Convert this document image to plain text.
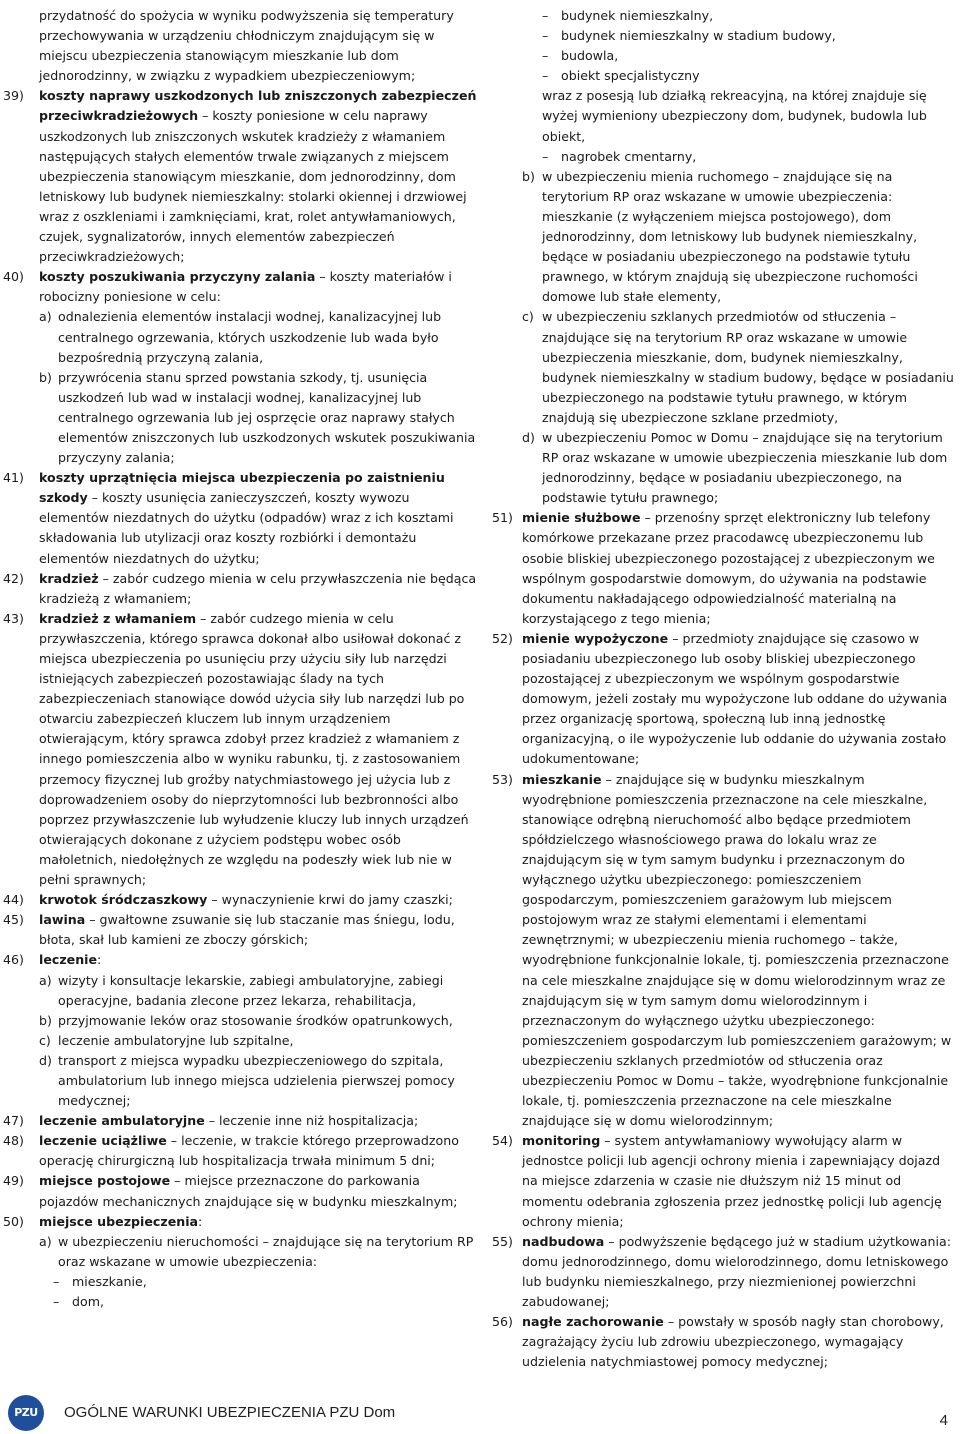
przydatność do spożycia w wyniku podwyższenia się temperatury przechowywania w urządzeniu chłodniczym znajdującym się w miejscu ubezpieczenia stanowiącym mieszkanie lub dom jednorodzinny, w związku z wypadkiem ubezpieczeniowym;

39) koszty naprawy uszkodzonych lub zniszczonych zabezpieczeń przeciwkradzieżowych – koszty poniesione w celu naprawy uszkodzonych lub zniszczonych wskutek kradzieży z włamaniem następujących stałych elementów trwale związanych z miejscem ubezpieczenia stanowiącym mieszkanie, dom jednorodzinny, dom letniskowy lub budynek niemieszkalny: stolarki okiennej i drzwiowej wraz z oszkleniami i zamknięciami, krat, rolet antywłamaniowych, czujek, sygnalizatorów, innych elementów zabezpieczeń przeciwkradzieżowych;

40) koszty poszukiwania przyczyny zalania – koszty materiałów i robocizny poniesione w celu:

a) odnalezienia elementów instalacji wodnej, kanalizacyjnej lub centralnego ogrzewania, których uszkodzenie lub wada było bezpośrednią przyczyną zalania,

b) przywrócenia stanu sprzed powstania szkody, tj. usunięcia uszkodzeń lub wad w instalacji wodnej, kanalizacyjnej lub centralnego ogrzewania lub jej osprzęcie oraz naprawy stałych elementów zniszczonych lub uszkodzonych wskutek poszukiwania przyczyny zalania;

41) koszty uprzątnięcia miejsca ubezpieczenia po zaistnieniu szkody – koszty usunięcia zanieczyszczeń, koszty wywozu elementów niezdatnych do użytku (odpadów) wraz z ich kosztami składowania lub utylizacji oraz koszty rozbiórki i demontażu elementów niezdatnych do użytku;

42) kradzież – zabór cudzego mienia w celu przywłaszczenia nie będąca kradzieżą z włamaniem;

43) kradzież z włamaniem – zabór cudzego mienia w celu przywłaszczenia, którego sprawca dokonał albo usiłował dokonać z miejsca ubezpieczenia po usunięciu przy użyciu siły lub narzędzi istniejących zabezpieczeń pozostawiając ślady na tych zabezpieczeniach stanowiące dowód użycia siły lub narzędzi lub po otwarciu zabezpieczeń kluczem lub innym urządzeniem otwierającym, który sprawca zdobył przez kradzież z włamaniem z innego pomieszczenia albo w wyniku rabunku, tj. z zastosowaniem przemocy fizycznej lub groźby natychmiastowego jej użycia lub z doprowadzeniem osoby do nieprzytomności lub bezbronności albo poprzez przywłaszczenie lub wyłudzenie kluczy lub innych urządzeń otwierających dokonane z użyciem podstępu wobec osób małoletnich, niedołężnych ze względu na podeszły wiek lub nie w pełni sprawnych;

44) krwotok śródczaszkowy – wynaczynienie krwi do jamy czaszki;

45) lawina – gwałtowne zsuwanie się lub staczanie mas śniegu, lodu, błota, skał lub kamieni ze zboczy górskich;

46) leczenie:

a) wizyty i konsultacje lekarskie, zabiegi ambulatoryjne, zabiegi operacyjne, badania zlecone przez lekarza, rehabilitacja,

b) przyjmowanie leków oraz stosowanie środków opatrunkowych,

c) leczenie ambulatoryjne lub szpitalne,

d) transport z miejsca wypadku ubezpieczeniowego do szpitala, ambulatorium lub innego miejsca udzielenia pierwszej pomocy medycznej;

47) leczenie ambulatoryjne – leczenie inne niż hospitalizacja;

48) leczenie uciążliwe – leczenie, w trakcie którego przeprowadzono operację chirurgiczną lub hospitalizacja trwała minimum 5 dni;

49) miejsce postojowe – miejsce przeznaczone do parkowania pojazdów mechanicznych znajdujące się w budynku mieszkalnym;

50) miejsce ubezpieczenia:

a) w ubezpieczeniu nieruchomości – znajdujące się na terytorium RP oraz wskazane w umowie ubezpieczenia:

– mieszkanie,

– dom,

– budynek niemieszkalny,

– budynek niemieszkalny w stadium budowy,

– budowla,

– obiekt specjalistyczny

wraz z posesją lub działką rekreacyjną, na której znajduje się wyżej wymieniony ubezpieczony dom, budynek, budowla lub obiekt,

– nagrobek cmentarny,

b) w ubezpieczeniu mienia ruchomego – znajdujące się na terytorium RP oraz wskazane w umowie ubezpieczenia: mieszkanie (z wyłączeniem miejsca postojowego), dom jednorodzinny, dom letniskowy lub budynek niemieszkalny, będące w posiadaniu ubezpieczonego na podstawie tytułu prawnego, w którym znajdują się ubezpieczone ruchomości domowe lub stałe elementy,

c) w ubezpieczeniu szklanych przedmiotów od stłuczenia – znajdujące się na terytorium RP oraz wskazane w umowie ubezpieczenia mieszkanie, dom, budynek niemieszkalny, budynek niemieszkalny w stadium budowy, będące w posiadaniu ubezpieczonego na podstawie tytułu prawnego, w którym znajdują się ubezpieczone szklane przedmioty,

d) w ubezpieczeniu Pomoc w Domu – znajdujące się na terytorium RP oraz wskazane w umowie ubezpieczenia mieszkanie lub dom jednorodzinny, będące w posiadaniu ubezpieczonego, na podstawie tytułu prawnego;

51) mienie służbowe – przenośny sprzęt elektroniczny lub telefony komórkowe przekazane przez pracodawcę ubezpieczonemu lub osobie bliskiej ubezpieczonego pozostającej z ubezpieczonym we wspólnym gospodarstwie domowym, do używania na podstawie dokumentu nakładającego odpowiedzialność materialną na korzystającego z tego mienia;

52) mienie wypożyczone – przedmioty znajdujące się czasowo w posiadaniu ubezpieczonego lub osoby bliskiej ubezpieczonego pozostającej z ubezpieczonym we wspólnym gospodarstwie domowym, jeżeli zostały mu wypożyczone lub oddane do używania przez organizację sportową, społeczną lub inną jednostkę organizacyjną, o ile wypożyczenie lub oddanie do używania zostało udokumentowane;

53) mieszkanie – znajdujące się w budynku mieszkalnym wyodrębnione pomieszczenia przeznaczone na cele mieszkalne, stanowiące odrębną nieruchomość albo będące przedmiotem spółdzielczego własnościowego prawa do lokalu wraz ze znajdującym się w tym samym budynku i przeznaczonym do wyłącznego użytku ubezpieczonego: pomieszczeniem gospodarczym, pomieszczeniem garażowym lub miejscem postojowym wraz ze stałymi elementami i elementami zewnętrznymi; w ubezpieczeniu mienia ruchomego – także, wyodrębnione funkcjonalnie lokale, tj. pomieszczenia przeznaczone na cele mieszkalne znajdujące się w domu wielorodzinnym wraz ze znajdującym się w tym samym domu wielorodzinnym i przeznaczonym do wyłącznego użytku ubezpieczonego: pomieszczeniem gospodarczym lub pomieszczeniem garażowym; w ubezpieczeniu szklanych przedmiotów od stłuczenia oraz ubezpieczeniu Pomoc w Domu – także, wyodrębnione funkcjonalnie lokale, tj. pomieszczenia przeznaczone na cele mieszkalne znajdujące się w domu wielorodzinnym;

54) monitoring – system antywłamaniowy wywołujący alarm w jednostce policji lub agencji ochrony mienia i zapewniający dojazd na miejsce zdarzenia w czasie nie dłuższym niż 15 minut od momentu odebrania zgłoszenia przez jednostkę policji lub agencję ochrony mienia;

55) nadbudowa – podwyższenie będącego już w stadium użytkowania: domu jednorodzinnego, domu wielorodzinnego, domu letniskowego lub budynku niemieszkalnego, przy niezmienionej powierzchni zabudowanej;

56) nagłe zachorowanie – powstały w sposób nagły stan chorobowy, zagrażający życiu lub zdrowiu ubezpieczonego, wymagający udzielenia natychmiastowej pomocy medycznej;

PZU OGÓLNE WARUNKI UBEZPIECZENIA PZU Dom	4
